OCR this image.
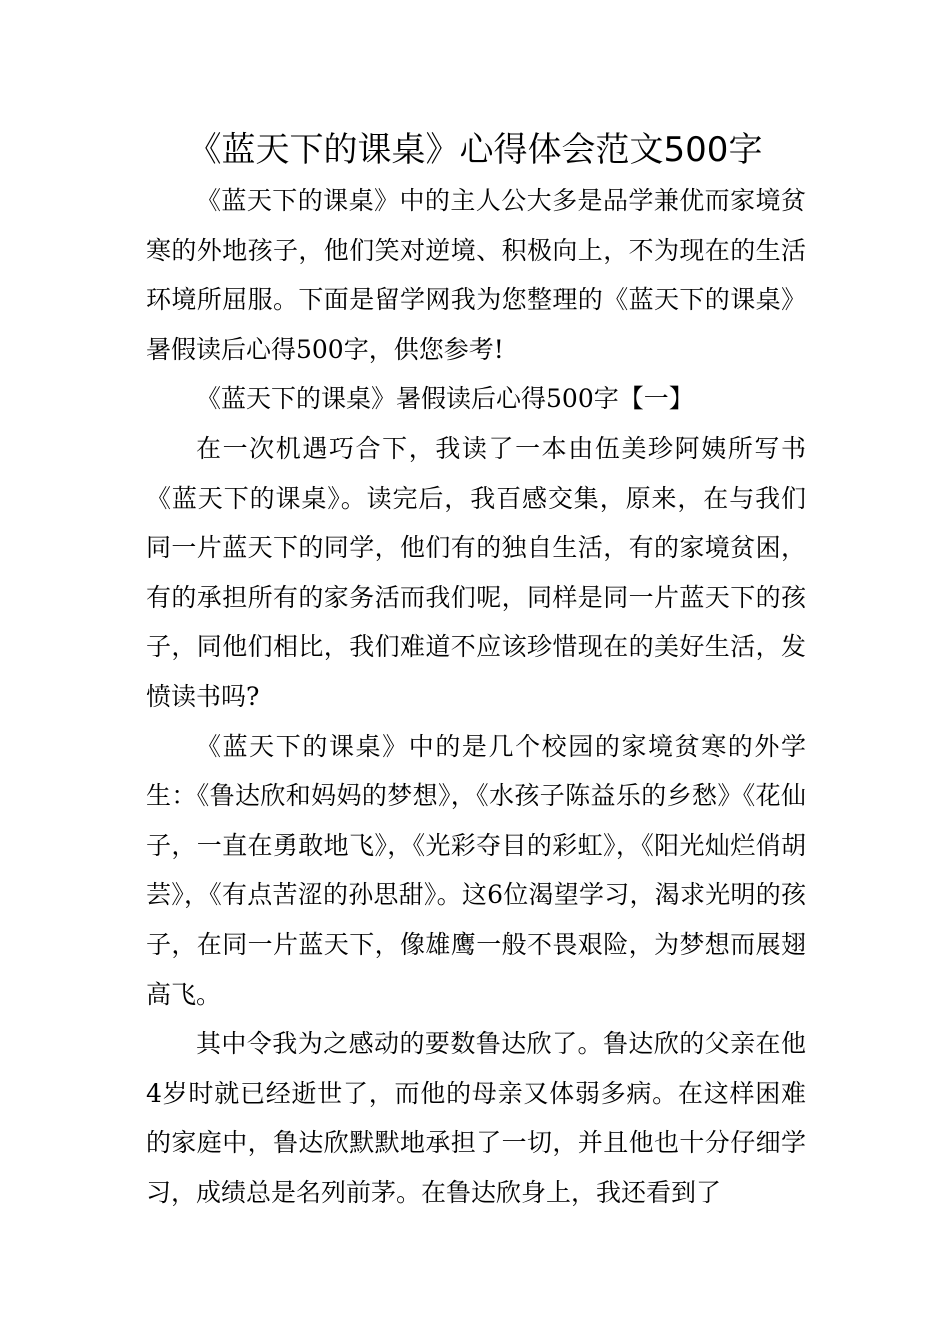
《蓝天下的课桌》心得体会范文500字

《蓝天下的课桌》中的主人公大多是品学兼优而家境贫寒的外地孩子，他们笑对逆境、积极向上，不为现在的生活环境所屈服。下面是留学网我为您整理的《蓝天下的课桌》暑假读后心得500字，供您参考!

《蓝天下的课桌》暑假读后心得500字【一】

在一次机遇巧合下，我读了一本由伍美珍阿姨所写书《蓝天下的课桌》。读完后，我百感交集，原来，在与我们同一片蓝天下的同学，他们有的独自生活，有的家境贫困，有的承担所有的家务活而我们呢，同样是同一片蓝天下的孩子，同他们相比，我们难道不应该珍惜现在的美好生活，发愤读书吗?

《蓝天下的课桌》中的是几个校园的家境贫寒的外学生：《鲁达欣和妈妈的梦想》，《水孩子陈益乐的乡愁》《花仙子，一直在勇敢地飞》，《光彩夺目的彩虹》，《阳光灿烂俏胡芸》，《有点苦涩的孙思甜》。这6位渴望学习，渴求光明的孩子，在同一片蓝天下，像雄鹰一般不畏艰险，为梦想而展翅高飞。

其中令我为之感动的要数鲁达欣了。鲁达欣的父亲在他4岁时就已经逝世了，而他的母亲又体弱多病。在这样困难的家庭中，鲁达欣默默地承担了一切，并且他也十分仔细学习，成绩总是名列前茅。在鲁达欣身上，我还看到了
